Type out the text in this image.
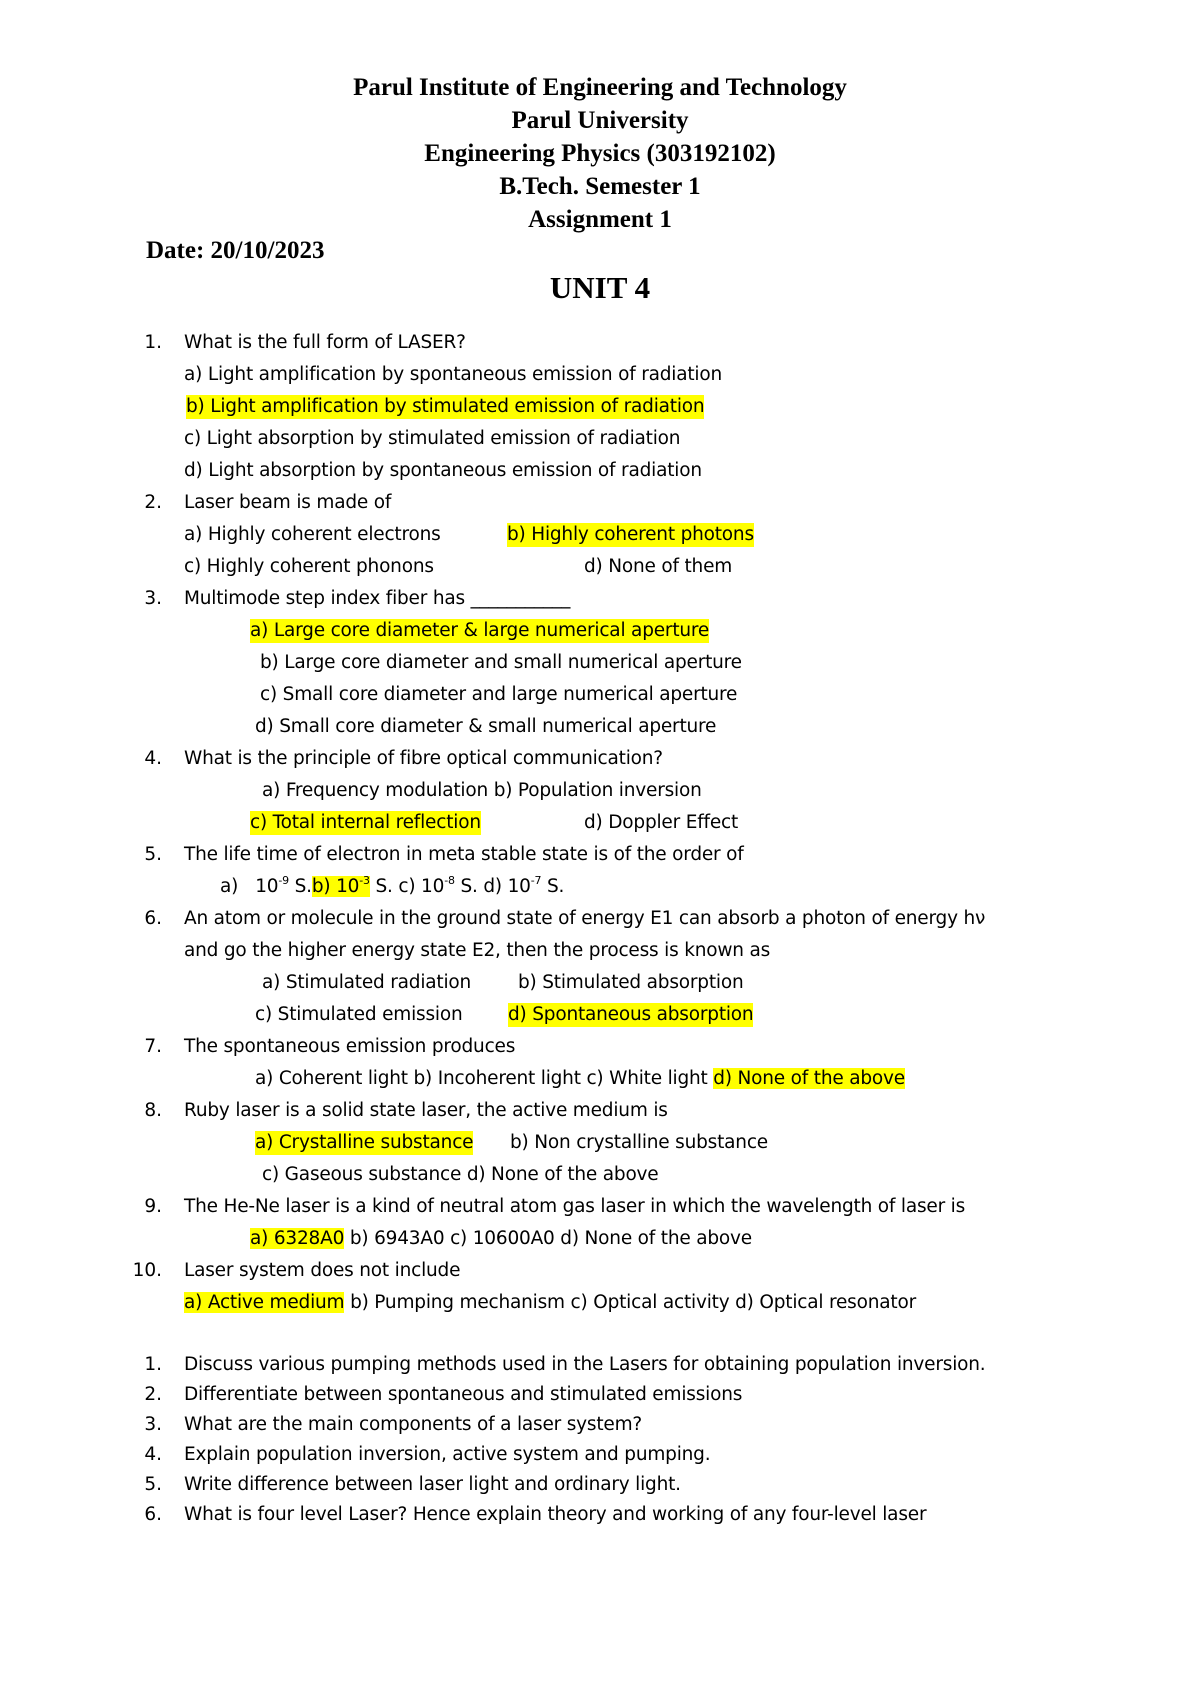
Parul Institute of Engineering and Technology
Parul University
Engineering Physics (303192102)
B.Tech. Semester 1
Assignment 1
Date: 20/10/2023
UNIT 4
1. What is the full form of LASER?
a) Light amplification by spontaneous emission of radiation
b) Light amplification by stimulated emission of radiation
c) Light absorption by stimulated emission of radiation
d) Light absorption by spontaneous emission of radiation
2. Laser beam is made of
a) Highly coherent electrons	b) Highly coherent photons
c) Highly coherent phonons	d) None of them
3. Multimode step index fiber has ___________
a) Large core diameter & large numerical aperture
b) Large core diameter and small numerical aperture
c) Small core diameter and large numerical aperture
d) Small core diameter & small numerical aperture
4. What is the principle of fibre optical communication?
a) Frequency modulation b) Population inversion
c) Total internal reflection	d) Doppler Effect
5. The life time of electron in meta stable state is of the order of
a) $10^{-9}$ S.b) $10^{-3}$ S. c) $10^{-8}$ S. d) $10^{-7}$ S.
6. An atom or molecule in the ground state of energy E1 can absorb a photon of energy hν
and go the higher energy state E2, then the process is known as
a) Stimulated radiation	b) Stimulated absorption
c) Stimulated emission d) Spontaneous absorption
7. The spontaneous emission produces
a) Coherent light b) Incoherent light c) White light d) None of the above
8. Ruby laser is a solid state laser, the active medium is
a) Crystalline substance b) Non crystalline substance
c) Gaseous substance d) None of the above
9. The He-Ne laser is a kind of neutral atom gas laser in which the wavelength of laser is
a) 6328A0 b) 6943A0 c) 10600A0 d) None of the above
10. Laser system does not include
a) Active medium b) Pumping mechanism c) Optical activity d) Optical resonator
1. Discuss various pumping methods used in the Lasers for obtaining population inversion.
2. Differentiate between spontaneous and stimulated emissions
3. What are the main components of a laser system?
4. Explain population inversion, active system and pumping.
5. Write difference between laser light and ordinary light.
6. What is four level Laser? Hence explain theory and working of any four-level laser
